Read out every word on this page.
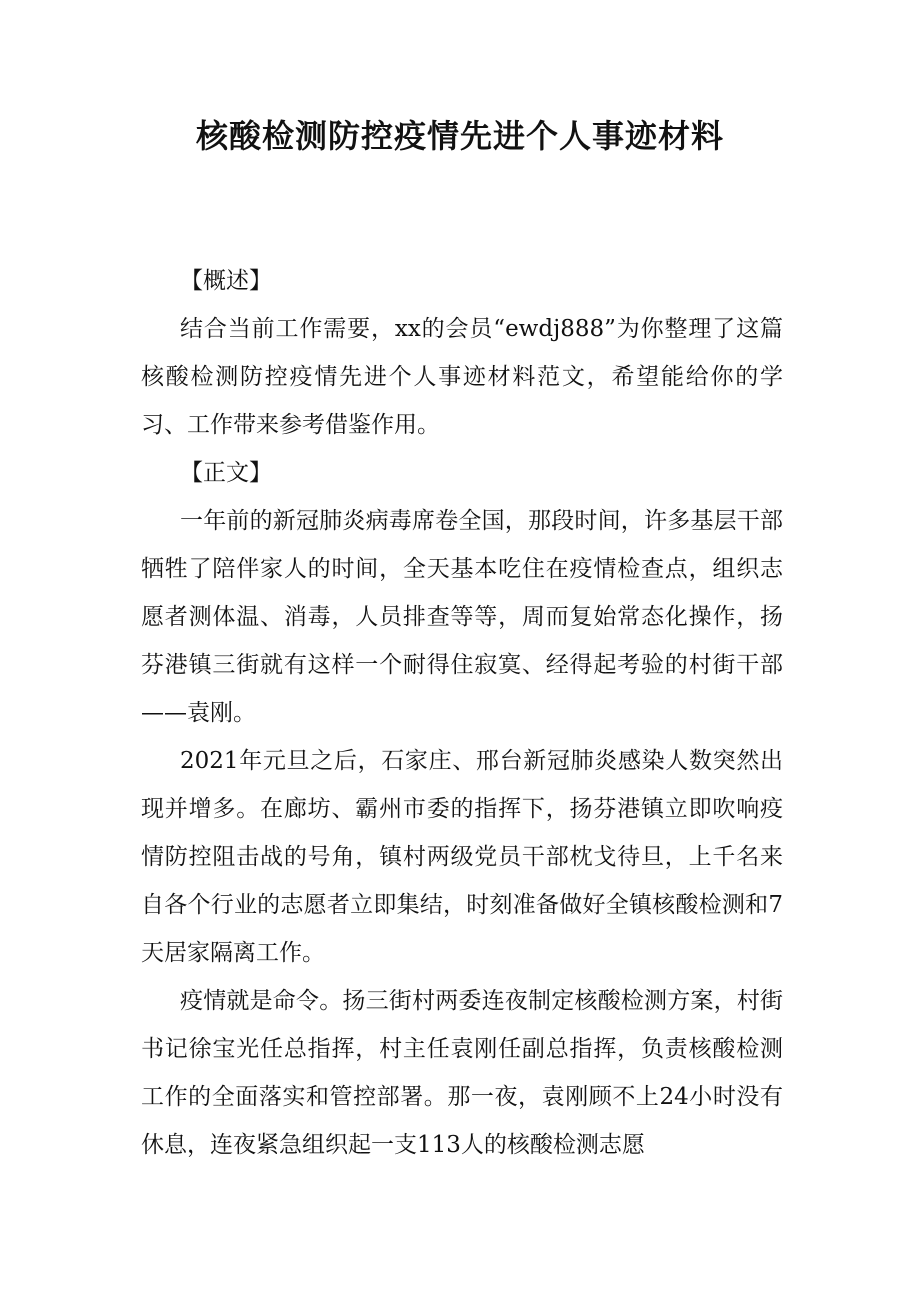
核酸检测防控疫情先进个人事迹材料

【概述】

结合当前工作需要，xx的会员“ewdj888”为你整理了这篇核酸检测防控疫情先进个人事迹材料范文，希望能给你的学习、工作带来参考借鉴作用。

【正文】

一年前的新冠肺炎病毒席卷全国，那段时间，许多基层干部牺牲了陪伴家人的时间，全天基本吃住在疫情检查点，组织志愿者测体温、消毒，人员排查等等，周而复始常态化操作，扬芬港镇三街就有这样一个耐得住寂寞、经得起考验的村街干部——袁刚。

2021年元旦之后，石家庄、邢台新冠肺炎感染人数突然出现并增多。在廊坊、霸州市委的指挥下，扬芬港镇立即吹响疫情防控阻击战的号角，镇村两级党员干部枕戈待旦，上千名来自各个行业的志愿者立即集结，时刻准备做好全镇核酸检测和7天居家隔离工作。

疫情就是命令。扬三街村两委连夜制定核酸检测方案，村街书记徐宝光任总指挥，村主任袁刚任副总指挥，负责核酸检测工作的全面落实和管控部署。那一夜，袁刚顾不上24小时没有休息，连夜紧急组织起一支113人的核酸检测志愿
